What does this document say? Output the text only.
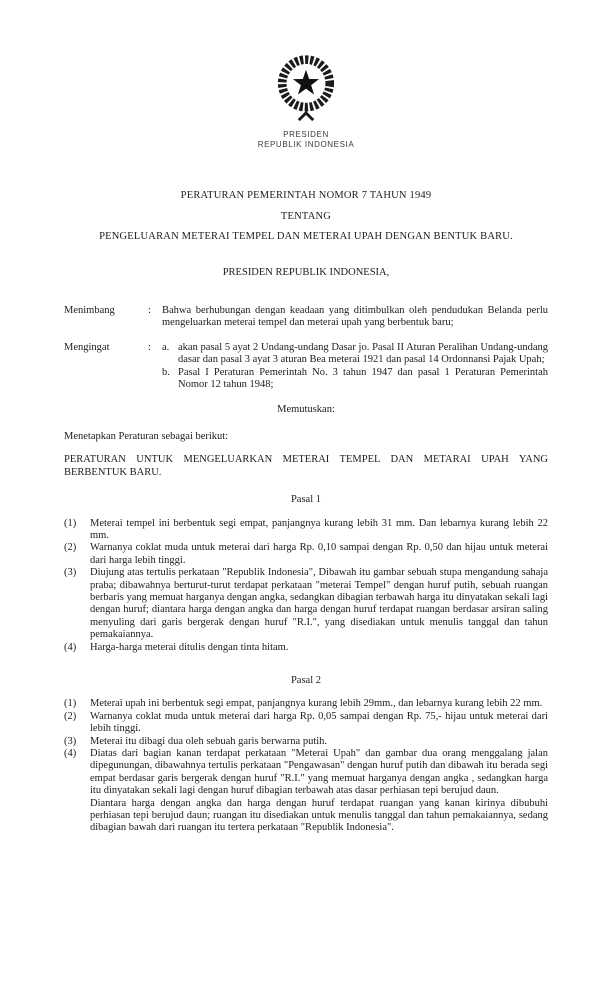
PRESIDEN
REPUBLIK INDONESIA
PERATURAN PEMERINTAH NOMOR 7 TAHUN 1949
TENTANG
PENGELUARAN METERAI TEMPEL DAN METERAI UPAH DENGAN BENTUK BARU.
PRESIDEN REPUBLIK INDONESIA,
Menimbang	:	Bahwa berhubungan dengan keadaan yang ditimbulkan oleh pendudukan Belanda perlu mengeluarkan meterai tempel dan meterai upah yang berbentuk baru;
Mengingat	:	a. akan pasal 5 ayat 2 Undang-undang Dasar jo. Pasal II Aturan Peralihan Undang-undang dasar dan pasal 3 ayat 3 aturan Bea meterai 1921 dan pasal 14 Ordonnansi Pajak Upah;
b. Pasal I Peraturan Pemerintah No. 3 tahun 1947 dan pasal 1 Peraturan Pemerintah Nomor 12 tahun 1948;
Memutuskan:
Menetapkan Peraturan sebagai berikut:
PERATURAN UNTUK MENGELUARKAN METERAI TEMPEL DAN METARAI UPAH YANG BERBENTUK BARU.
Pasal 1
(1)	Meterai tempel ini berbentuk segi empat, panjangnya kurang lebih 31 mm. Dan lebarnya kurang lebih 22 mm.
(2)	Warnanya coklat muda untuk meterai dari harga Rp. 0,10 sampai dengan Rp. 0,50 dan hijau untuk meterai dari harga lebih tinggi.
(3)	Diujung atas tertulis perkataan "Republik Indonesia", Dibawah itu gambar sebuah stupa mengandung sahaja praba; dibawahnya berturut-turut terdapat perkataan "meterai Tempel" dengan huruf putih, sebuah ruangan berbaris yang memuat harganya dengan angka, sedangkan dibagian terbawah harga itu dinyatakan sekali lagi dengan huruf; diantara harga dengan angka dan harga dengan huruf terdapat ruangan berdasar arsiran saling menyuling dari garis bergerak dengan huruf "R.I.", yang disediakan untuk menulis tanggal dan tahun pemakaiannya.
(4)	Harga-harga meterai ditulis dengan tinta hitam.
Pasal 2
(1)	Meterai upah ini berbentuk segi empat, panjangnya kurang lebih 29mm., dan lebarnya kurang lebih 22 mm.
(2)	Warnanya coklat muda untuk meterai dari harga Rp. 0,05 sampai dengan Rp. 75,- hijau untuk meterai dari lebih tinggi.
(3)	Meterai itu dibagi dua oleh sebuah garis berwarna putih.
(4)	Diatas dari bagian kanan terdapat perkataan "Meterai Upah" dan gambar dua orang menggalang jalan dipegunungan, dibawahnya tertulis perkataan "Pengawasan" dengan huruf putih dan dibawah itu berada segi empat berdasar garis bergerak dengan huruf "R.I." yang memuat harganya dengan angka , sedangkan harga itu dinyatakan sekali lagi dengan huruf dibagian terbawah atas dasar perhiasan tepi berujud daun.
Diantara harga dengan angka dan harga dengan huruf terdapat ruangan yang kanan kirinya dibubuhi perhiasan tepi berujud daun; ruangan itu disediakan untuk menulis tanggal dan tahun pemakaiannya, sedang dibagian bawah dari ruangan itu tertera perkataan "Republik Indonesia".
